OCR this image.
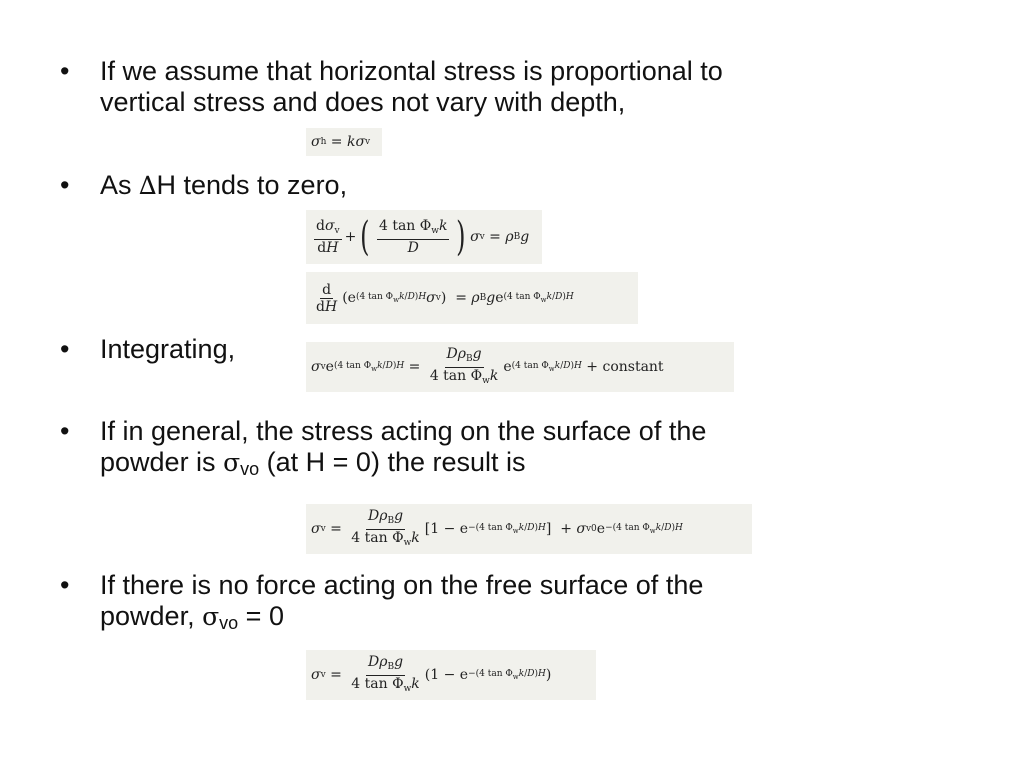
• If we assume that horizontal stress is proportional to
vertical stress and does not vary with depth,
σ h = kσ v
• As ∆H tends to zero,
$\frac{d\sigma_v}{dH}$ + ( $\frac{4 \tan \Phi_wk}{D}$ ) σ v = ρ B g
$\frac{d}{dH} (e$ (4 $\tan \Phi_wk/D)H$ σ v )  = ρ B g e (4 $\tan \Phi_wk/D)H$
• Integrating,
σ v e (4 $\tan \Phi_wk/D)H = \frac{D\rho_Bg}{4 \tan \Phi_wk}$ e (4 $\tan \Phi_wk/D)H$ + constant
• If in general, the stress acting on the surface of the
powder is $\sigma_{vo}$ (at H = 0) the result is
σ $v = \frac{D\rho_Bg}{4 \tan \Phi_wk} [1 - e -(4$ $\tan \Phi_wk/D)H$ ]  + σ v0 e −(4 $\tan \Phi_wk/D)H$
• If there is no force acting on the free surface of the
powder, $\sigma_{vo} = 0$
σ $v = \frac{D\rho_Bg}{4 \tan \Phi_wk} (1 - e -(4$ $\tan \Phi_wk/D)H$ )
